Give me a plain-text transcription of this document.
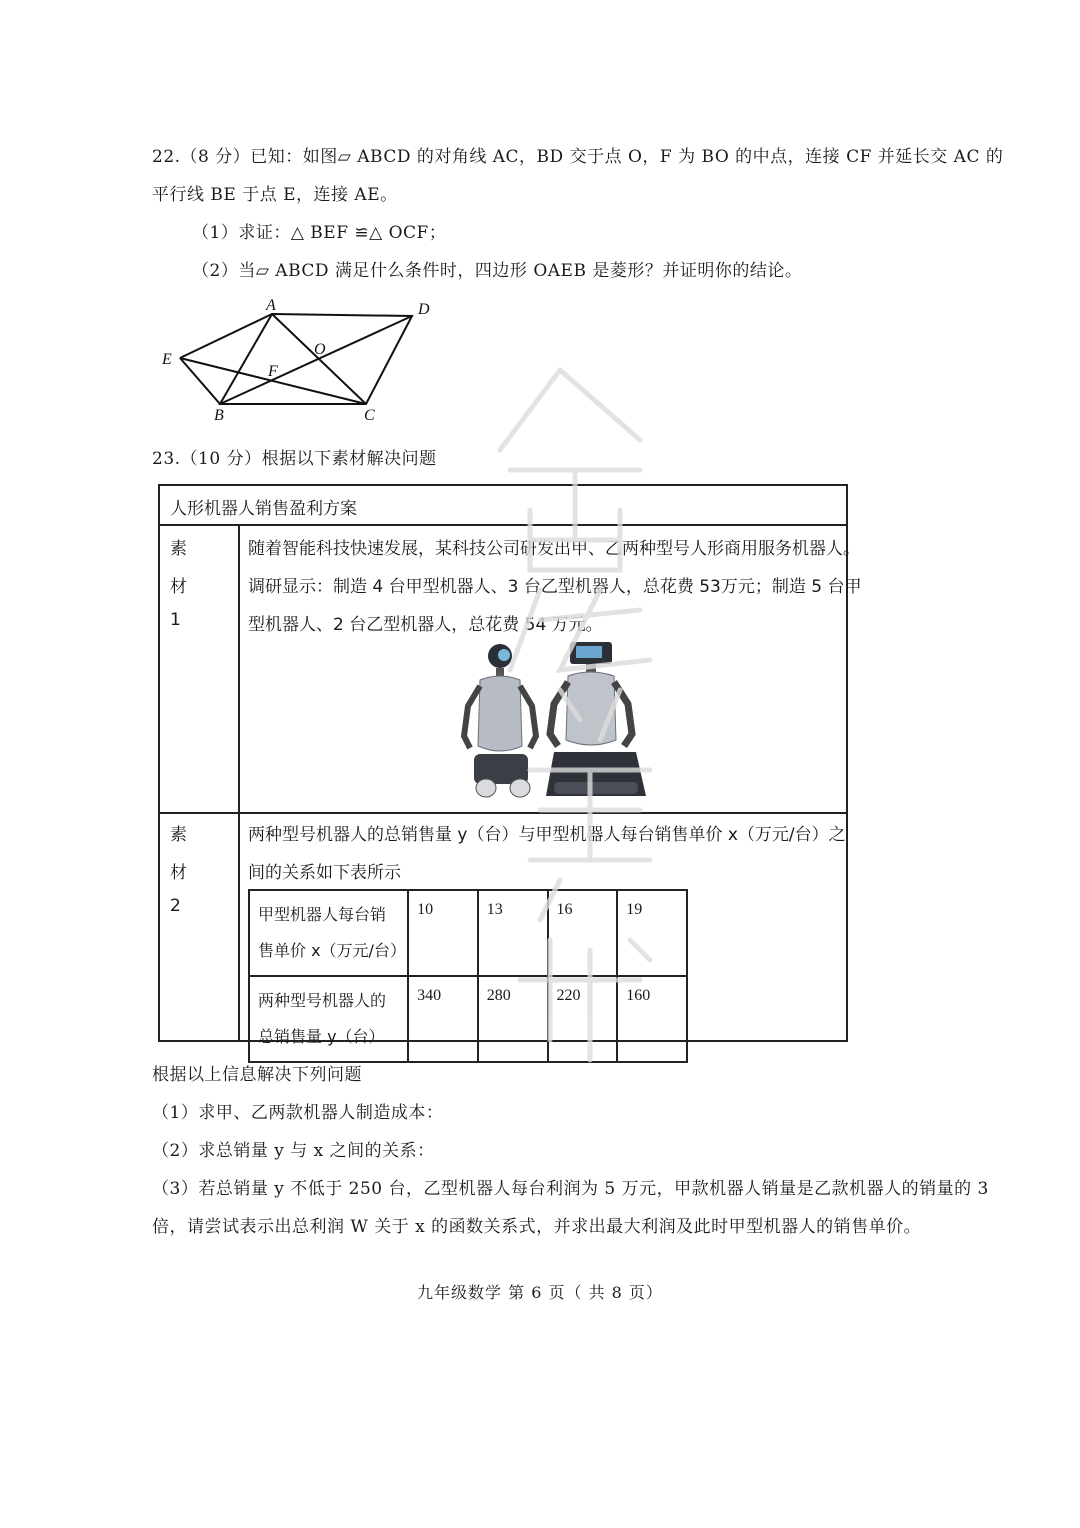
22.（8 分）已知：如图▱ ABCD 的对角线 AC，BD 交于点 O，F 为 BO 的中点，连接 CF 并延长交 AC 的
平行线 BE 于点 E，连接 AE。
（1）求证：△ BEF ≌△ OCF；
（2）当▱ ABCD 满足什么条件时，四边形 OAEB 是菱形？并证明你的结论。
A	D
C
B
E
F
O
23.（10 分）根据以下素材解决问题
人形机器人销售盈利方案
素
材
1
随着智能科技快速发展，某科技公司研发出甲、乙两种型号人形商用服务机器人。
调研显示：制造 4 台甲型机器人、3 台乙型机器人，总花费 53万元；制造 5 台甲
型机器人、2 台乙型机器人，总花费 54 万元。
素
材
2
两种型号机器人的总销售量 y（台）与甲型机器人每台销售单价 x（万元/台）之
间的关系如下表所示
甲型机器人每台销
售单价 x（万元/台）	10	13	16	19

两种型号机器人的
总销售量 y（台）	340	280	220	160
根据以上信息解决下列问题
（1）求甲、乙两款机器人制造成本：
（2）求总销量 y 与 x 之间的关系：
（3）若总销量 y 不低于 250 台，乙型机器人每台利润为 5 万元，甲款机器人销量是乙款机器人的销量的 3
倍，请尝试表示出总利润 W 关于 x 的函数关系式，并求出最大利润及此时甲型机器人的销售单价。
九年级数学 第 6 页（ 共 8 页）
